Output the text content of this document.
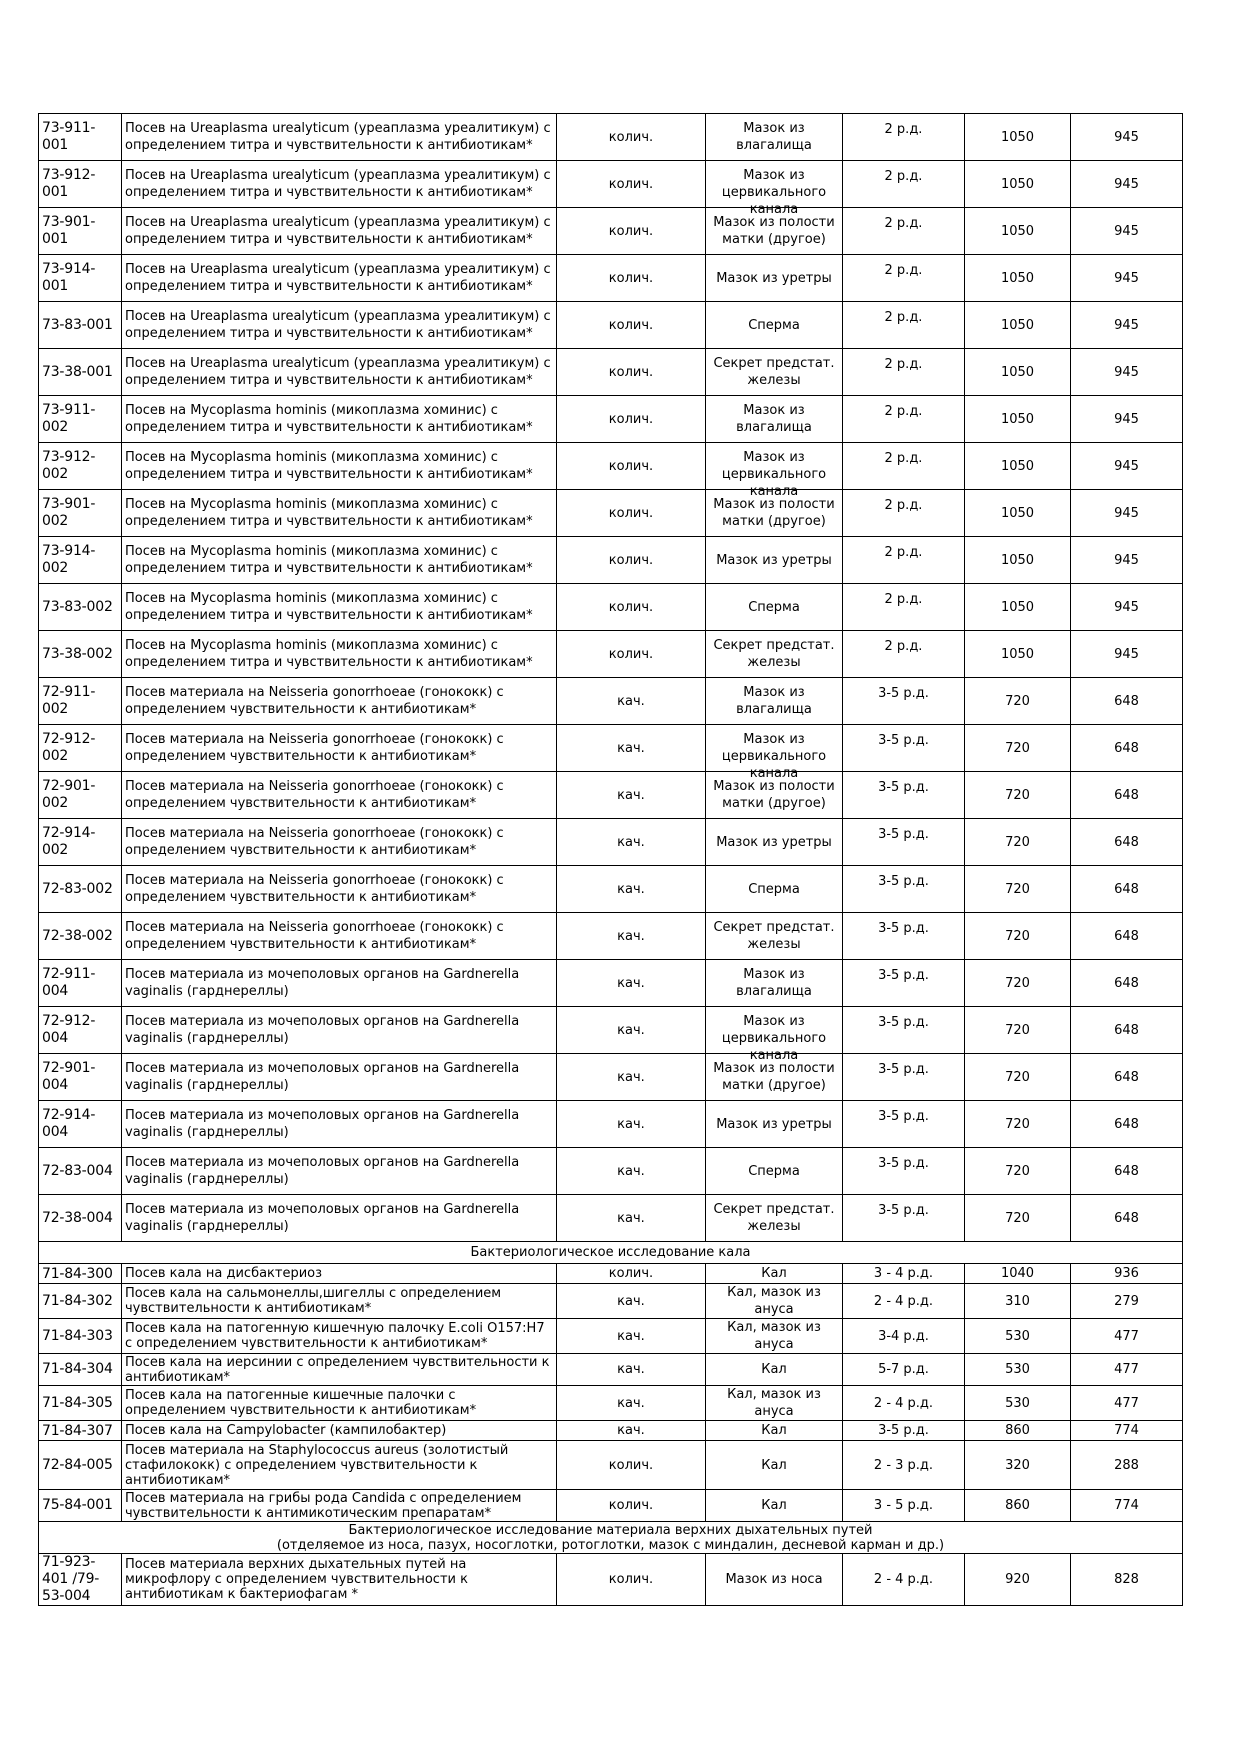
73-911-001	Посев на Ureaplasma urealyticum (уреаплазма уреалитикум) с определением титра и чувствительности к антибиотикам*	колич.	Мазок из влагалища	2 р.д.	1050	945
73-912-001	Посев на Ureaplasma urealyticum (уреаплазма уреалитикум) с определением титра и чувствительности к антибиотикам*	колич.	Мазок из цервикального канала	2 р.д.	1050	945
73-901-001	Посев на Ureaplasma urealyticum (уреаплазма уреалитикум) с определением титра и чувствительности к антибиотикам*	колич.	Мазок из полости матки (другое)	2 р.д.	1050	945
73-914-001	Посев на Ureaplasma urealyticum (уреаплазма уреалитикум) с определением титра и чувствительности к антибиотикам*	колич.	Мазок из уретры	2 р.д.	1050	945
73-83-001	Посев на Ureaplasma urealyticum (уреаплазма уреалитикум) с определением титра и чувствительности к антибиотикам*	колич.	Сперма	2 р.д.	1050	945
73-38-001	Посев на Ureaplasma urealyticum (уреаплазма уреалитикум) с определением титра и чувствительности к антибиотикам*	колич.	Секрет предстат. железы	2 р.д.	1050	945
73-911-002	Посев на Mycoplasma hominis (микоплазма хоминис) с определением титра и чувствительности к антибиотикам*	колич.	Мазок из влагалища	2 р.д.	1050	945
73-912-002	Посев на Mycoplasma hominis (микоплазма хоминис) с определением титра и чувствительности к антибиотикам*	колич.	Мазок из цервикального канала	2 р.д.	1050	945
73-901-002	Посев на Mycoplasma hominis (микоплазма хоминис) с определением титра и чувствительности к антибиотикам*	колич.	Мазок из полости матки (другое)	2 р.д.	1050	945
73-914-002	Посев на Mycoplasma hominis (микоплазма хоминис) с определением титра и чувствительности к антибиотикам*	колич.	Мазок из уретры	2 р.д.	1050	945
73-83-002	Посев на Mycoplasma hominis (микоплазма хоминис) с определением титра и чувствительности к антибиотикам*	колич.	Сперма	2 р.д.	1050	945
73-38-002	Посев на Mycoplasma hominis (микоплазма хоминис) с определением титра и чувствительности к антибиотикам*	колич.	Секрет предстат. железы	2 р.д.	1050	945
72-911-002	Посев материала на Neisseria gonorrhoeae (гонококк) с определением чувствительности к антибиотикам*	кач.	Мазок из влагалища	3-5 р.д.	720	648
72-912-002	Посев материала на Neisseria gonorrhoeae (гонококк) с определением чувствительности к антибиотикам*	кач.	Мазок из цервикального канала	3-5 р.д.	720	648
72-901-002	Посев материала на Neisseria gonorrhoeae (гонококк) с определением чувствительности к антибиотикам*	кач.	Мазок из полости матки (другое)	3-5 р.д.	720	648
72-914-002	Посев материала на Neisseria gonorrhoeae (гонококк) с определением чувствительности к антибиотикам*	кач.	Мазок из уретры	3-5 р.д.	720	648
72-83-002	Посев материала на Neisseria gonorrhoeae (гонококк) с определением чувствительности к антибиотикам*	кач.	Сперма	3-5 р.д.	720	648
72-38-002	Посев материала на Neisseria gonorrhoeae (гонококк) с определением чувствительности к антибиотикам*	кач.	Секрет предстат. железы	3-5 р.д.	720	648
72-911-004	Посев материала из мочеполовых органов на Gardnerella vaginalis (гарднереллы)	кач.	Мазок из влагалища	3-5 р.д.	720	648
72-912-004	Посев материала из мочеполовых органов на Gardnerella vaginalis (гарднереллы)	кач.	Мазок из цервикального канала	3-5 р.д.	720	648
72-901-004	Посев материала из мочеполовых органов на Gardnerella vaginalis (гарднереллы)	кач.	Мазок из полости матки (другое)	3-5 р.д.	720	648
72-914-004	Посев материала из мочеполовых органов на Gardnerella vaginalis (гарднереллы)	кач.	Мазок из уретры	3-5 р.д.	720	648
72-83-004	Посев материала из мочеполовых органов на Gardnerella vaginalis (гарднереллы)	кач.	Сперма	3-5 р.д.	720	648
72-38-004	Посев материала из мочеполовых органов на Gardnerella vaginalis (гарднереллы)	кач.	Секрет предстат. железы	3-5 р.д.	720	648

Бактериологическое исследование кала						

71-84-300	Посев кала на дисбактериоз	колич.	Кал	3 - 4 р.д.	1040	936
71-84-302	Посев кала на сальмонеллы,шигеллы с определением чувствительности к антибиотикам*	кач.	Кал, мазок из ануса	2 - 4 р.д.	310	279
71-84-303	Посев кала на патогенную кишечную палочку E.coli O157:H7 с определением чувствительности к антибиотикам*	кач.	Кал, мазок из ануса	3-4 р.д.	530	477
71-84-304	Посев кала на иерсинии с определением чувствительности к антибиотикам*	кач.	Кал	5-7 р.д.	530	477
71-84-305	Посев кала на патогенные кишечные палочки с определением чувствительности к антибиотикам*	кач.	Кал, мазок из ануса	2 - 4 р.д.	530	477
71-84-307	Посев кала на Campylobacter (кампилобактер)	кач.	Кал	3-5 р.д.	860	774
72-84-005	Посев материала на Staphylococcus aureus (золотистый стафилококк) с определением чувствительности к антибиотикам*	колич.	Кал	2 - 3 р.д.	320	288
75-84-001	Посев материала на грибы рода Candida с определением чувствительности к антимикотическим препаратам*	колич.	Кал	3 - 5 р.д.	860	774

Бактериологическое исследование материала верхних дыхательных путей
(отделяемое из носа, пазух, носоглотки, ротоглотки, мазок с миндалин, десневой карман и др.)						

71-923-401 /79-53-004	Посев материала верхних дыхательных путей на микрофлору с определением чувствительности к антибиотикам к бактериофагам *	колич.	Мазок из носа	2 - 4 р.д.	920	828
